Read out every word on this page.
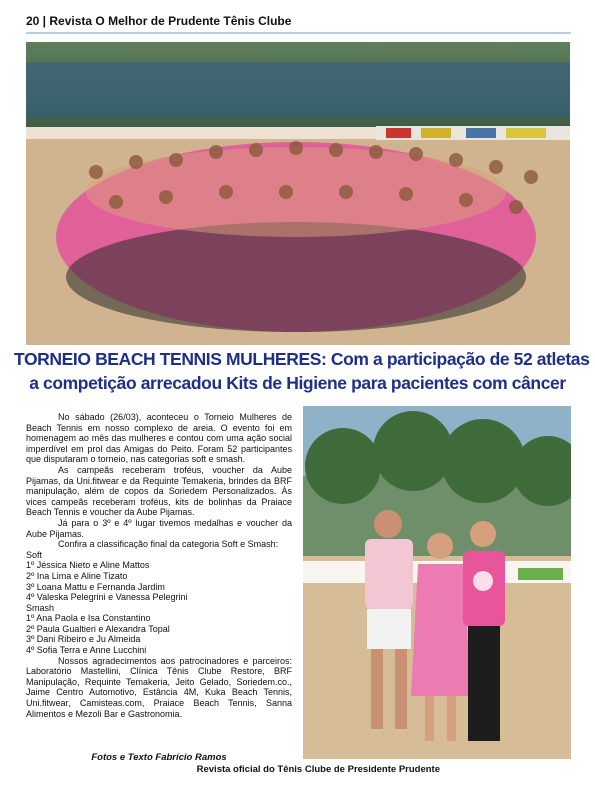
20 | Revista O Melhor de Prudente Tênis Clube
TORNEIO BEACH TENNIS MULHERES: Com a participação de 52 atletas
a competição arrecadou Kits de Higiene para pacientes com câncer

No sábado (26/03), aconteceu o Torneio Mulheres de Beach Tennis em nosso complexo de areia. O evento foi em homenagem ao mês das mulheres e contou com uma ação social imperdível em prol das Amigas do Peito. Foram 52 participantes que disputaram o torneio, nas categorias soft e smash.

As campeãs receberam troféus, voucher da Aube Pijamas, da Uni.fitwear e da Requinte Temakeria, brindes da BRF manipulação, além de copos da Soriedem Personalizados. Às vices campeãs receberam troféus, kits de bolinhas da Praiace Beach Tennis e voucher da Aube Pijamas.

Já para o 3º e 4º lugar tivemos medalhas e voucher da Aube Pijamas.

Confira a classificação final da categoria Soft e Smash:

Soft
1º Jéssica Nieto e Aline Mattos
2º Ina Lima e Aline Tizato
3º Loana Mattu e Fernanda Jardim
4º Valeska Pelegrini e Vanessa Pelegrini
Smash
1º Ana Paola e Isa Constantino
2º Paula Gualtieri e Alexandra Topal
3º Dani Ribeiro e Ju Almeida
4º Sofia Terra e Anne Lucchini

Nossos agradecimentos aos patrocinadores e parceiros: Laboratório Mastellini, Clínica Tênis Clube Restore, BRF Manipulação, Requinte Temakeria, Jeito Gelado, Soriedem.co., Jaime Centro Automotivo, Estância 4M, Kuka Beach Tennis, Uni.fitwear, Camisteas.com, Praiace Beach Tennis, Sanna Alimentos e Mezoli Bar e Gastronomia.

Fotos e Texto Fabrício Ramos
Revista oficial do Tênis Clube de Presidente Prudente
